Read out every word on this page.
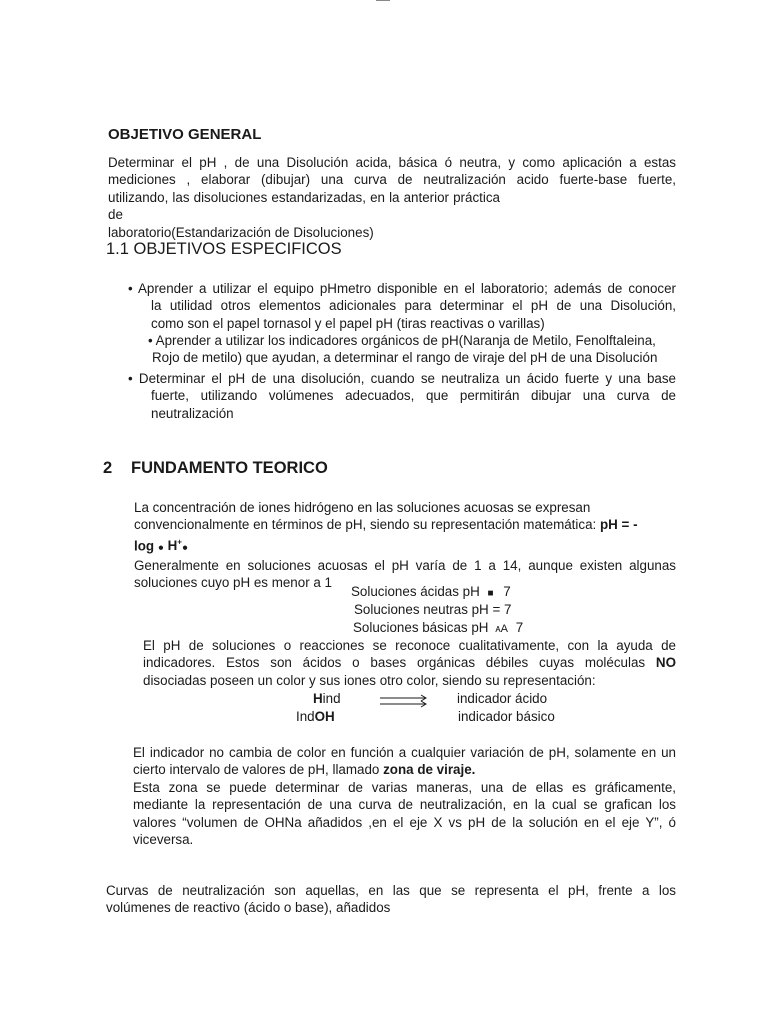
OBJETIVO GENERAL
Determinar el pH , de una Disolución acida, básica ó neutra, y como aplicación a estas
mediciones , elaborar (dibujar) una curva de neutralización acido fuerte-base fuerte,
utilizando, las disoluciones estandarizadas, en la anterior práctica de
laboratorio(Estandarización de Disoluciones)
1.1 OBJETIVOS ESPECIFICOS
• Aprender a utilizar el equipo pHmetro disponible en el laboratorio; además de conocer
la utilidad otros elementos adicionales para determinar el pH de una Disolución,
como son el papel tornasol y el papel pH (tiras reactivas o varillas)
• Aprender a utilizar los indicadores orgánicos de pH(Naranja de Metilo, Fenolftaleina,
Rojo de metilo) que ayudan, a determinar el rango de viraje del pH de una Disolución
• Determinar el pH de una disolución, cuando se neutraliza un ácido fuerte y una base
fuerte, utilizando volúmenes adecuados, que permitirán dibujar una curva de
neutralización
2 FUNDAMENTO TEORICO
La concentración de iones hidrógeno en las soluciones acuosas se expresan
convencionalmente en términos de pH, siendo su representación matemática: pH = -
log ● H+●
Generalmente en soluciones acuosas el pH varía de 1 a 14, aunque existen algunas
soluciones cuyo pH es menor a 1
Soluciones ácidas pH ■ 7
Soluciones neutras pH = 7
Soluciones básicas pH ᴀA 7
El pH de soluciones o reacciones se reconoce cualitativamente, con la ayuda de
indicadores. Estos son ácidos o bases orgánicas débiles cuyas moléculas NO
disociadas poseen un color y sus iones otro color, siendo su representación:
Hind	indicador ácido
IndOH	indicador básico
El indicador no cambia de color en función a cualquier variación de pH, solamente en un
cierto intervalo de valores de pH, llamado zona de viraje.
Esta zona se puede determinar de varias maneras, una de ellas es gráficamente,
mediante la representación de una curva de neutralización, en la cual se grafican los
valores “volumen de OHNa añadidos ,en el eje X vs pH de la solución en el eje Y”, ó
viceversa.
Curvas de neutralización son aquellas, en las que se representa el pH, frente a los
volúmenes de reactivo (ácido o base), añadidos
